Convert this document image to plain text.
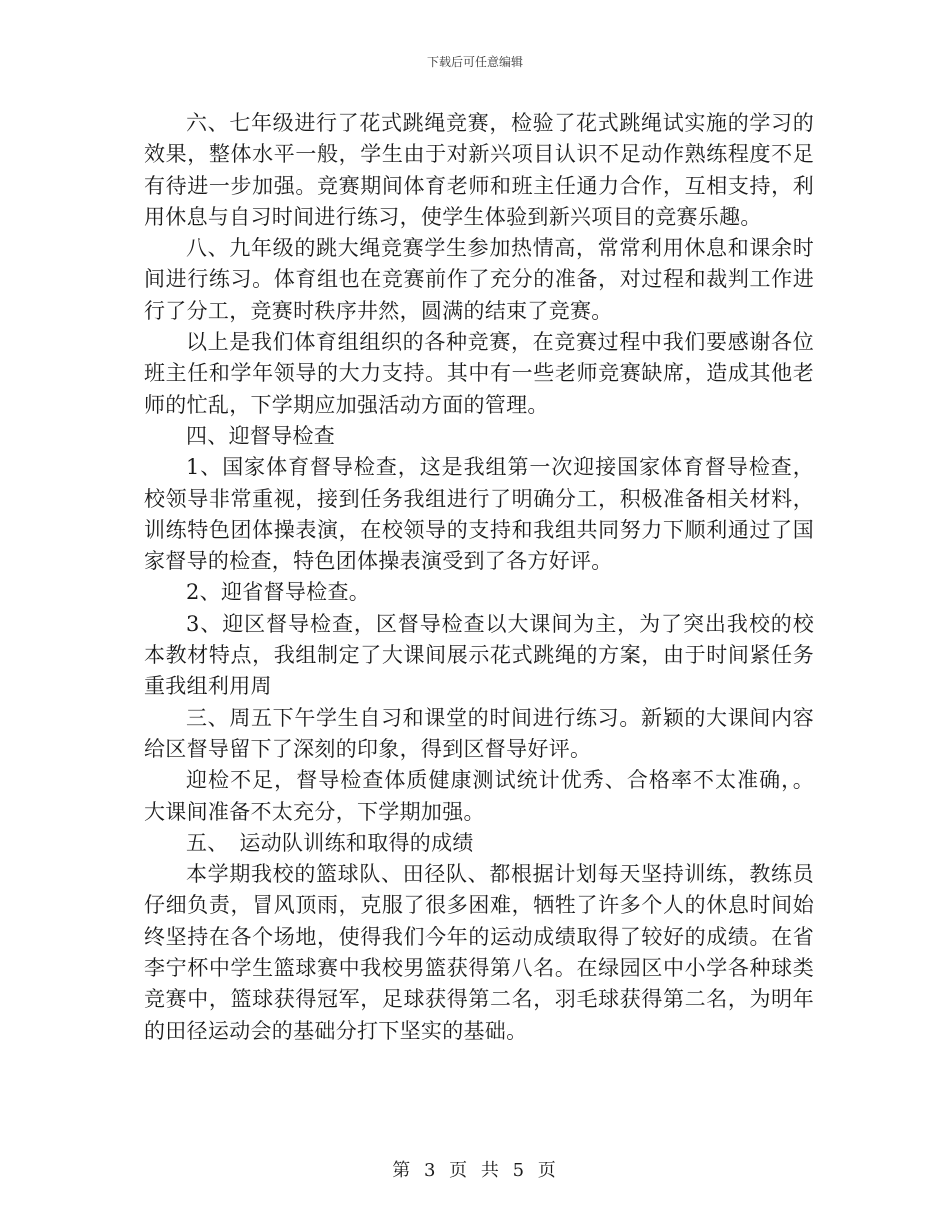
下载后可任意编辑

六、七年级进行了花式跳绳竞赛，检验了花式跳绳试实施的学习的效果，整体水平一般，学生由于对新兴项目认识不足动作熟练程度不足有待进一步加强。竞赛期间体育老师和班主任通力合作，互相支持，利用休息与自习时间进行练习，使学生体验到新兴项目的竞赛乐趣。

八、九年级的跳大绳竞赛学生参加热情高，常常利用休息和课余时间进行练习。体育组也在竞赛前作了充分的准备，对过程和裁判工作进行了分工，竞赛时秩序井然，圆满的结束了竞赛。

以上是我们体育组组织的各种竞赛，在竞赛过程中我们要感谢各位班主任和学年领导的大力支持。其中有一些老师竞赛缺席，造成其他老师的忙乱，下学期应加强活动方面的管理。

四、迎督导检查

1、国家体育督导检查，这是我组第一次迎接国家体育督导检查，校领导非常重视，接到任务我组进行了明确分工，积极准备相关材料，训练特色团体操表演，在校领导的支持和我组共同努力下顺利通过了国家督导的检查，特色团体操表演受到了各方好评。

2、迎省督导检查。

3、迎区督导检查，区督导检查以大课间为主，为了突出我校的校本教材特点，我组制定了大课间展示花式跳绳的方案，由于时间紧任务重我组利用周

三、周五下午学生自习和课堂的时间进行练习。新颖的大课间内容给区督导留下了深刻的印象，得到区督导好评。

迎检不足，督导检查体质健康测试统计优秀、合格率不太准确，。大课间准备不太充分，下学期加强。

五、　运动队训练和取得的成绩

本学期我校的篮球队、田径队、都根据计划每天坚持训练，教练员仔细负责，冒风顶雨，克服了很多困难，牺牲了许多个人的休息时间始终坚持在各个场地，使得我们今年的运动成绩取得了较好的成绩。在省李宁杯中学生篮球赛中我校男篮获得第八名。在绿园区中小学各种球类竞赛中，篮球获得冠军，足球获得第二名，羽毛球获得第二名，为明年的田径运动会的基础分打下坚实的基础。

第 3 页 共 5 页
